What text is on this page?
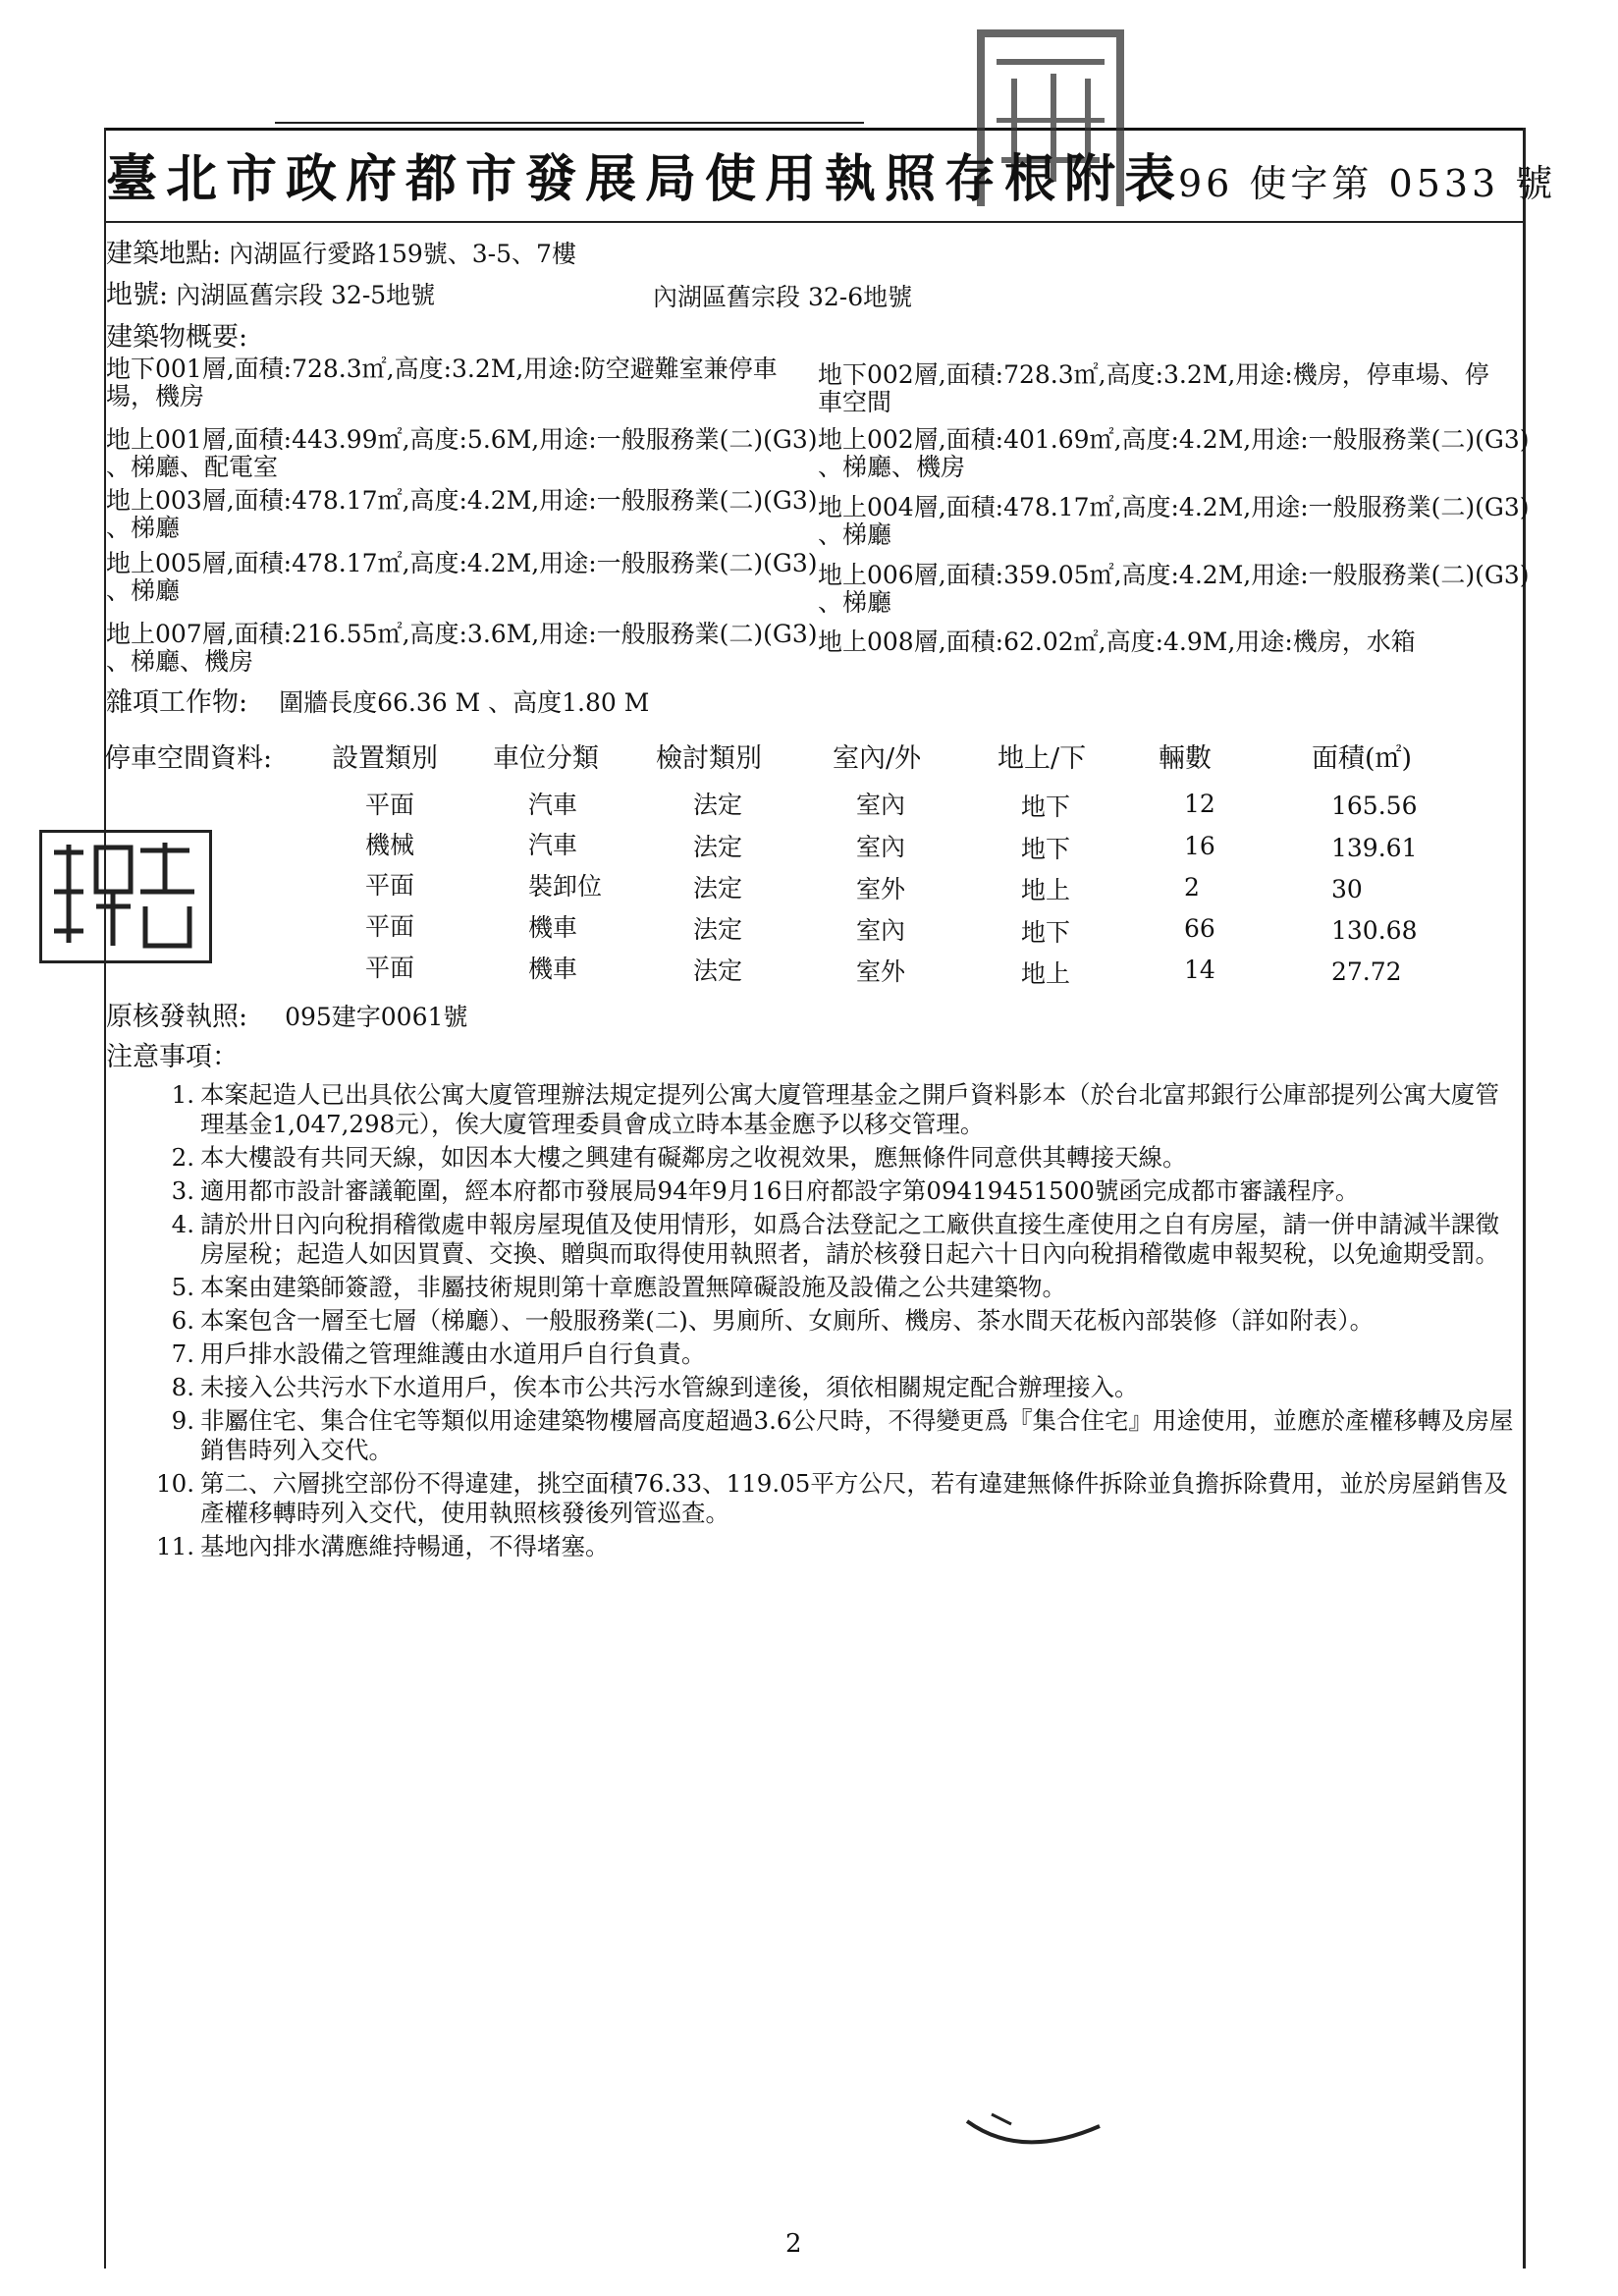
臺北市政府都市發展局使用執照存根附表
96 使字第 0533 號
建築地點: 內湖區行愛路159號、3-5、7樓
地號: 內湖區舊宗段 32-5地號	內湖區舊宗段 32-6地號
建築物概要:
地下001層,面積:728.3㎡,高度:3.2M,用途:防空避難室兼停車
場，機房
地下002層,面積:728.3㎡,高度:3.2M,用途:機房，停車場、停
車空間
地上001層,面積:443.99㎡,高度:5.6M,用途:一般服務業(二)(G3)
、梯廳、配電室
地上002層,面積:401.69㎡,高度:4.2M,用途:一般服務業(二)(G3)
、梯廳、機房
地上003層,面積:478.17㎡,高度:4.2M,用途:一般服務業(二)(G3)
、梯廳
地上004層,面積:478.17㎡,高度:4.2M,用途:一般服務業(二)(G3)
、梯廳
地上005層,面積:478.17㎡,高度:4.2M,用途:一般服務業(二)(G3)
、梯廳
地上006層,面積:359.05㎡,高度:4.2M,用途:一般服務業(二)(G3)
、梯廳
地上007層,面積:216.55㎡,高度:3.6M,用途:一般服務業(二)(G3)
、梯廳、機房
地上008層,面積:62.02㎡,高度:4.9M,用途:機房，水箱
雜項工作物: 圍牆長度66.36 M 、高度1.80 M
停車空間資料: 設置類別 車位分類 檢討類別	室內/外	地上/下	輛數	面積(㎡)
平面	汽車	法定	室內	地下	12	165.56
機械	汽車	法定	室內	地下	16	139.61
平面	裝卸位	法定	室外	地上	2	30
平面	機車	法定	室內	地下	66	130.68
平面	機車	法定	室外	地上	14	27.72
原核發執照: 095建字0061號
注意事項：
1. 本案起造人已出具依公寓大廈管理辦法規定提列公寓大廈管理基金之開戶資料影本（於台北富邦銀行公庫部提列公寓大廈管理基金1,047,298元），俟大廈管理委員會成立時本基金應予以移交管理。
2. 本大樓設有共同天線，如因本大樓之興建有礙鄰房之收視效果，應無條件同意供其轉接天線。
3. 適用都市設計審議範圍，經本府都市發展局94年9月16日府都設字第09419451500號函完成都市審議程序。
4. 請於卅日內向稅捐稽徵處申報房屋現值及使用情形，如爲合法登記之工廠供直接生產使用之自有房屋，請一併申請減半課徵房屋稅；起造人如因買賣、交換、贈與而取得使用執照者，請於核發日起六十日內向稅捐稽徵處申報契稅，以免逾期受罰。
5. 本案由建築師簽證，非屬技術規則第十章應設置無障礙設施及設備之公共建築物。
6. 本案包含一層至七層（梯廳）、一般服務業(二)、男廁所、女廁所、機房、茶水間天花板內部裝修（詳如附表）。
7. 用戶排水設備之管理維護由水道用戶自行負責。
8. 未接入公共污水下水道用戶，俟本市公共污水管線到達後，須依相關規定配合辦理接入。
9. 非屬住宅、集合住宅等類似用途建築物樓層高度超過3.6公尺時，不得變更爲『集合住宅』用途使用，並應於產權移轉及房屋銷售時列入交代。
10. 第二、六層挑空部份不得違建，挑空面積76.33、119.05平方公尺，若有違建無條件拆除並負擔拆除費用，並於房屋銷售及產權移轉時列入交代，使用執照核發後列管巡查。
11. 基地內排水溝應維持暢通，不得堵塞。
2
